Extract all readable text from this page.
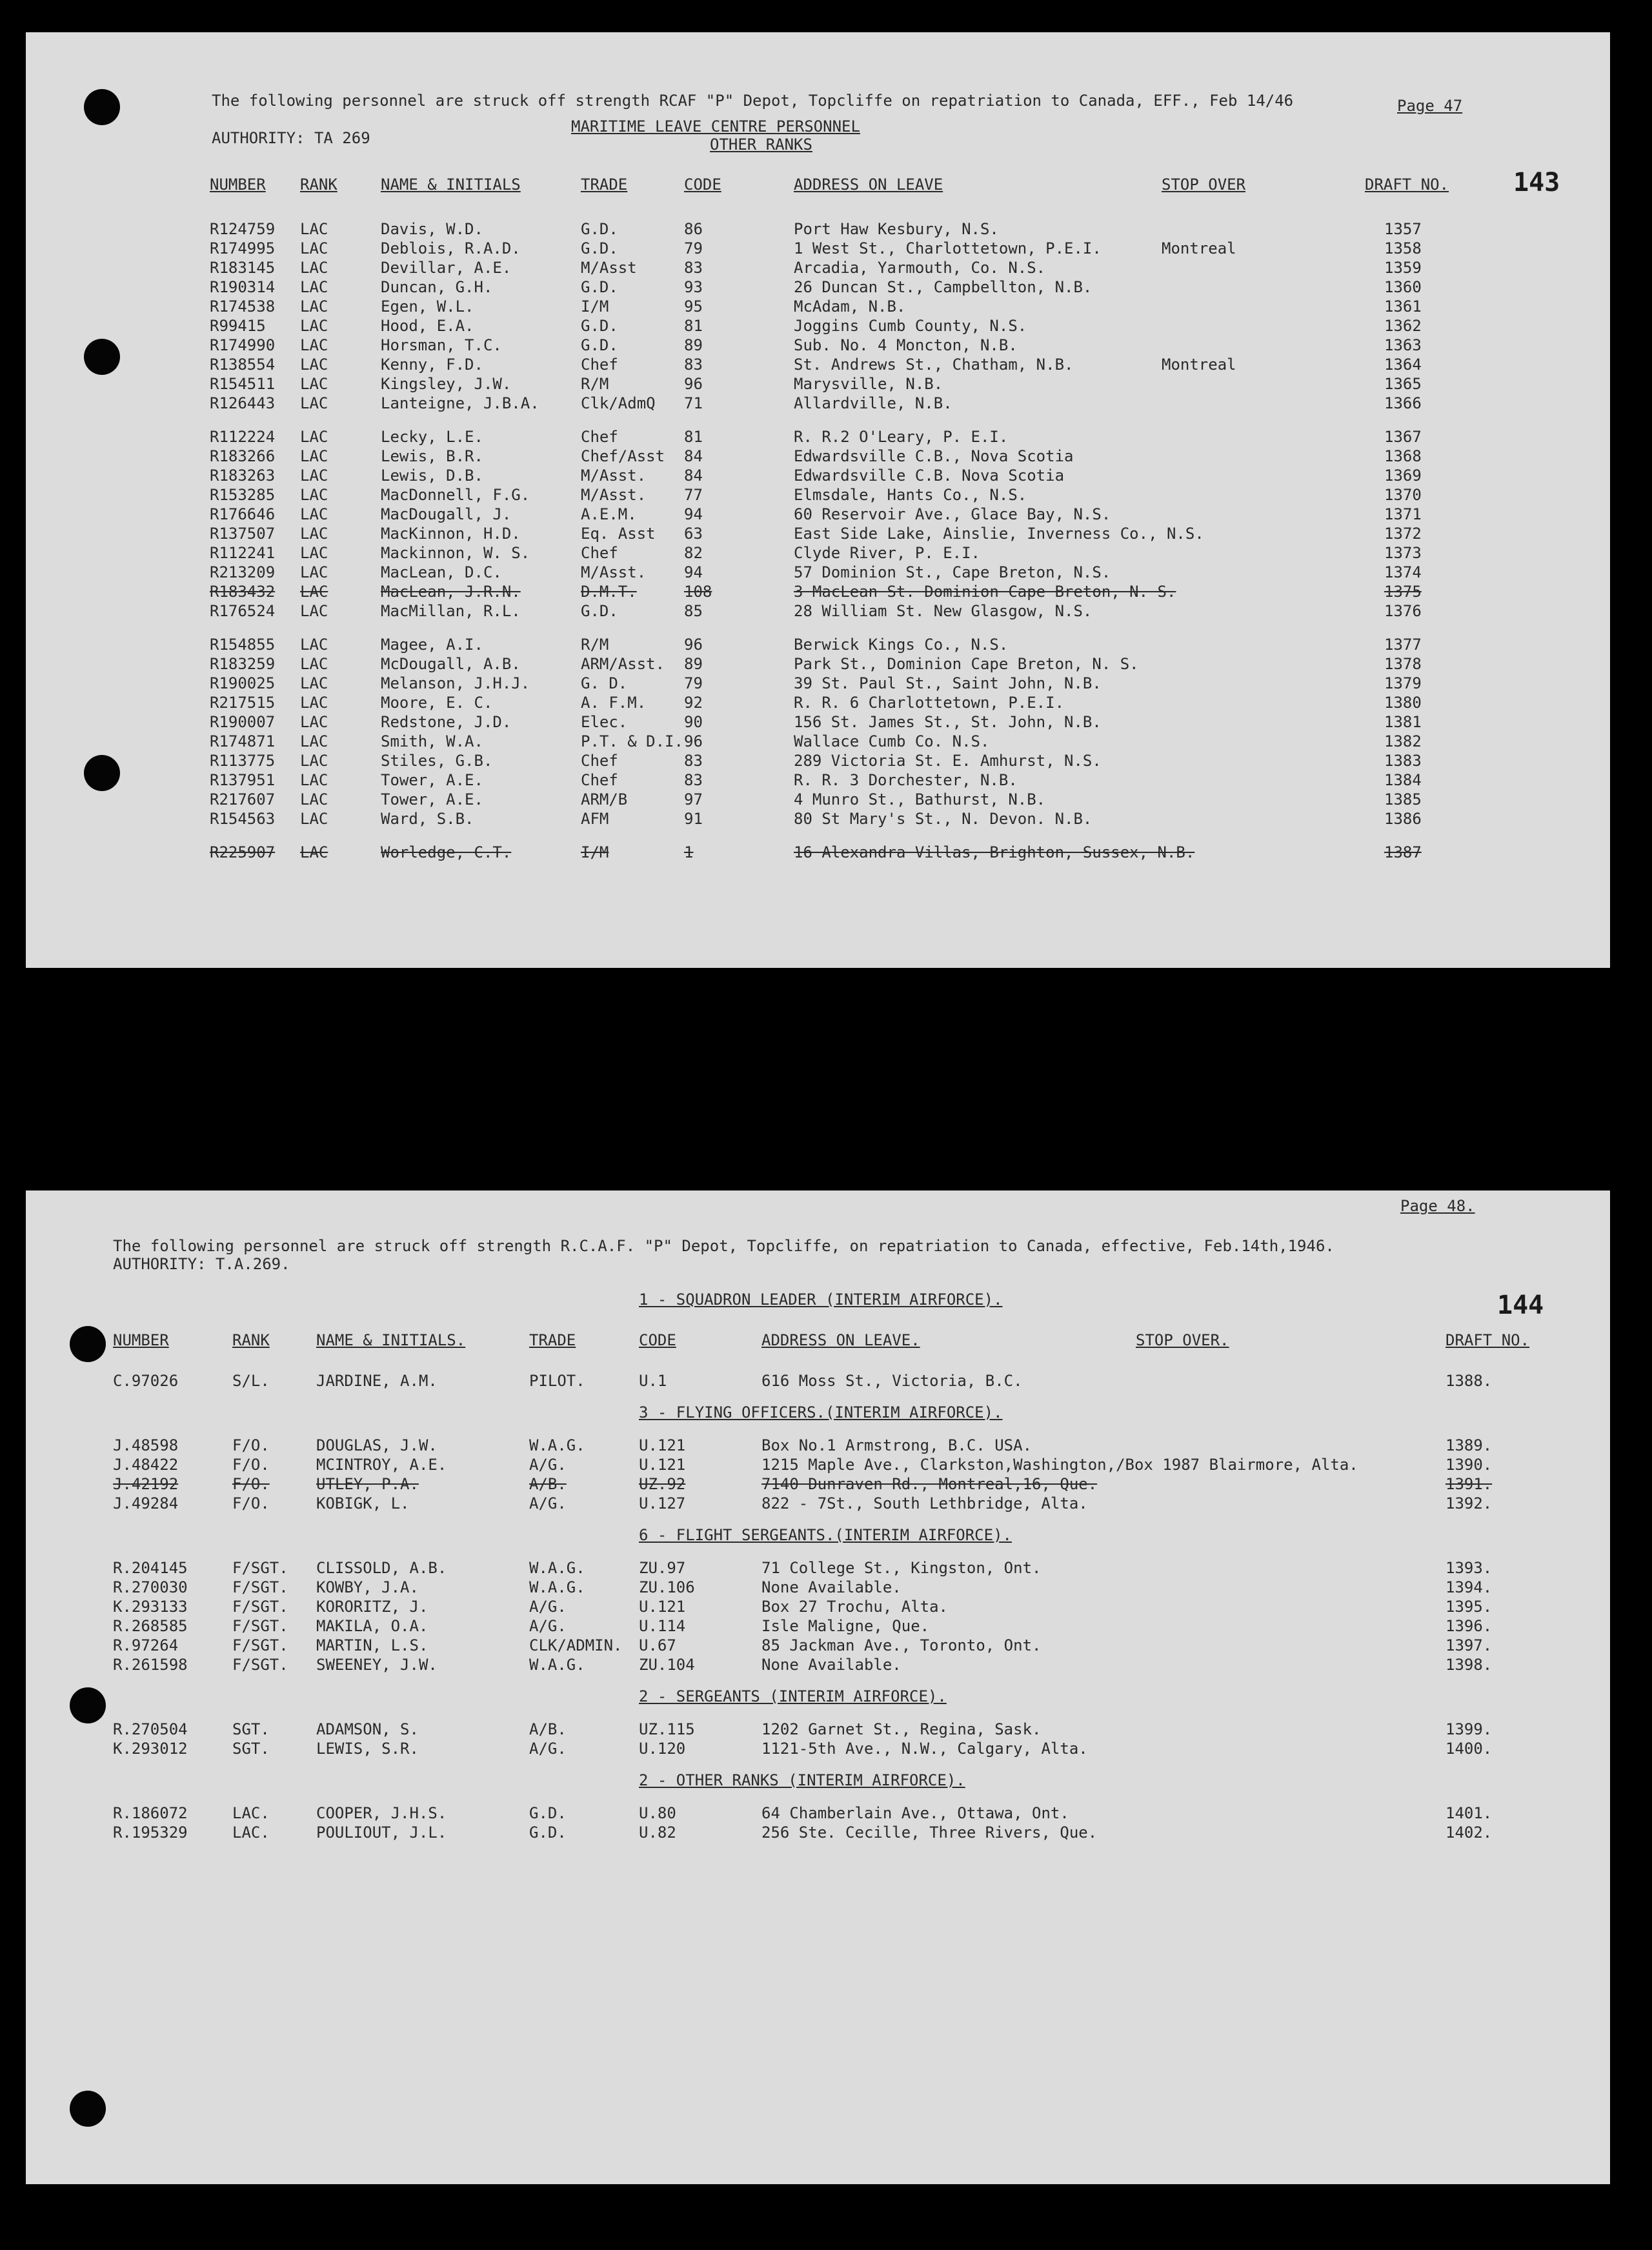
The following personnel are struck off strength RCAF "P" Depot, Topcliffe on repatriation to Canada, EFF., Feb 14/46	Page 47
AUTHORITY: TA 269
MARITIME LEAVE CENTRE PERSONNEL
OTHER RANKS
143
NUMBER RANK	NAME & INITIALS	TRADE	CODE	ADDRESS ON LEAVE	STOP OVER	DRAFT NO.
R124759 LAC	Davis, W.D.	G.D.	86	Port Haw Kesbury, N.S.	1357
R174995 LAC	Deblois, R.A.D.	G.D.	79	1 West St., Charlottetown, P.E.I.	Montreal	1358
R183145 LAC	Devillar, A.E.	M/Asst	83	Arcadia, Yarmouth, Co. N.S.	1359
R190314 LAC	Duncan, G.H.	G.D.	93	26 Duncan St., Campbellton, N.B.	1360
R174538 LAC	Egen, W.L.	I/M	95	McAdam, N.B.	1361
R99415 LAC	Hood, E.A.	G.D.	81	Joggins Cumb County, N.S.	1362
R174990 LAC	Horsman, T.C.	G.D.	89	Sub. No. 4 Moncton, N.B.	1363
R138554 LAC	Kenny, F.D.	Chef	83	St. Andrews St., Chatham, N.B.	Montreal	1364
R154511 LAC	Kingsley, J.W.	R/M	96	Marysville, N.B.	1365
R126443 LAC	Lanteigne, J.B.A.	Clk/AdmQ 71	Allardville, N.B.	1366
R112224 LAC	Lecky, L.E.	Chef	81	R. R.2 O'Leary, P. E.I.	1367
R183266 LAC	Lewis, B.R.	Chef/Asst 84	Edwardsville C.B., Nova Scotia	1368
R183263 LAC	Lewis, D.B.	M/Asst. 84	Edwardsville C.B. Nova Scotia	1369
R153285 LAC	MacDonnell, F.G.	M/Asst. 77	Elmsdale, Hants Co., N.S.	1370
R176646 LAC	MacDougall, J.	A.E.M.	94	60 Reservoir Ave., Glace Bay, N.S.	1371
R137507 LAC	MacKinnon, H.D.	Eq. Asst 63	East Side Lake, Ainslie, Inverness Co., N.S.	1372
R112241 LAC	Mackinnon, W. S.	Chef	82	Clyde River, P. E.I.	1373
R213209 LAC	MacLean, D.C.	M/Asst. 94	57 Dominion St., Cape Breton, N.S.	1374
R183432 LAC	MacLean, J.R.N.	D.M.T.	108	3 MacLean St. Dominion Cape Breton, N. S.	1375
R176524 LAC	MacMillan, R.L.	G.D.	85	28 William St. New Glasgow, N.S.	1376
R154855 LAC	Magee, A.I.	R/M	96	Berwick Kings Co., N.S.	1377
R183259 LAC	McDougall, A.B.	ARM/Asst. 89	Park St., Dominion Cape Breton, N. S.	1378
R190025 LAC	Melanson, J.H.J.	G. D.	79	39 St. Paul St., Saint John, N.B.	1379
R217515 LAC	Moore, E. C.	A. F.M. 92	R. R. 6 Charlottetown, P.E.I.	1380
R190007 LAC	Redstone, J.D.	Elec.	90	156 St. James St., St. John, N.B.	1381
R174871 LAC	Smith, W.A.	P.T. & D.I. 96	Wallace Cumb Co. N.S.	1382
R113775 LAC	Stiles, G.B.	Chef	83	289 Victoria St. E. Amhurst, N.S.	1383
R137951 LAC	Tower, A.E.	Chef	83	R. R. 3 Dorchester, N.B.	1384
R217607 LAC	Tower, A.E.	ARM/B	97	4 Munro St., Bathurst, N.B.	1385
R154563 LAC	Ward, S.B.	AFM	91	80 St Mary's St., N. Devon. N.B.	1386
R225907 LAC	Worledge, C.T.	I/M	1	16 Alexandra Villas, Brighton, Sussex, N.B.	1387
Page 48.
The following personnel are struck off strength R.C.A.F. "P" Depot, Topcliffe, on repatriation to Canada, effective, Feb.14th,1946.
AUTHORITY: T.A.269.
144
NUMBER	RANK	NAME & INITIALS.	TRADE	CODE	ADDRESS ON LEAVE.	STOP OVER.	DRAFT NO.
1 - SQUADRON LEADER (INTERIM AIRFORCE).
C.97026	S/L.	JARDINE, A.M.	PILOT.	U.1	616 Moss St., Victoria, B.C.	1388.
3 - FLYING OFFICERS.(INTERIM AIRFORCE).
J.48598	F/O.	DOUGLAS, J.W.	W.A.G.	U.121	Box No.1 Armstrong, B.C. USA.	1389.
J.48422	F/O.	MCINTROY, A.E.	A/G.	U.121	1215 Maple Ave., Clarkston,Washington,/Box 1987 Blairmore, Alta.	1390.
J.42192	F/O.	UTLEY, P.A.	A/B.	UZ.92	7140 Dunraven Rd., Montreal,16, Que.	1391.
J.49284	F/O.	KOBIGK, L.	A/G.	U.127	822 - 7St., South Lethbridge, Alta.	1392.
6 - FLIGHT SERGEANTS.(INTERIM AIRFORCE).
R.204145	F/SGT. CLISSOLD, A.B.	W.A.G.	ZU.97	71 College St., Kingston, Ont.	1393.
R.270030	F/SGT. KOWBY, J.A.	W.A.G.	ZU.106	None Available.	1394.
K.293133	F/SGT. KORORITZ, J.	A/G.	U.121	Box 27 Trochu, Alta.	1395.
R.268585	F/SGT. MAKILA, O.A.	A/G.	U.114	Isle Maligne, Que.	1396.
R.97264	F/SGT. MARTIN, L.S.	CLK/ADMIN. U.67	85 Jackman Ave., Toronto, Ont.	1397.
R.261598	F/SGT. SWEENEY, J.W.	W.A.G.	ZU.104	None Available.	1398.
2 - SERGEANTS (INTERIM AIRFORCE).
R.270504	SGT.	ADAMSON, S.	A/B.	UZ.115	1202 Garnet St., Regina, Sask.	1399.
K.293012	SGT.	LEWIS, S.R.	A/G.	U.120	1121-5th Ave., N.W., Calgary, Alta.	1400.
2 - OTHER RANKS (INTERIM AIRFORCE).
R.186072	LAC.	COOPER, J.H.S.	G.D.	U.80	64 Chamberlain Ave., Ottawa, Ont.	1401.
R.195329	LAC.	POULIOUT, J.L.	G.D.	U.82	256 Ste. Cecille, Three Rivers, Que.	1402.
